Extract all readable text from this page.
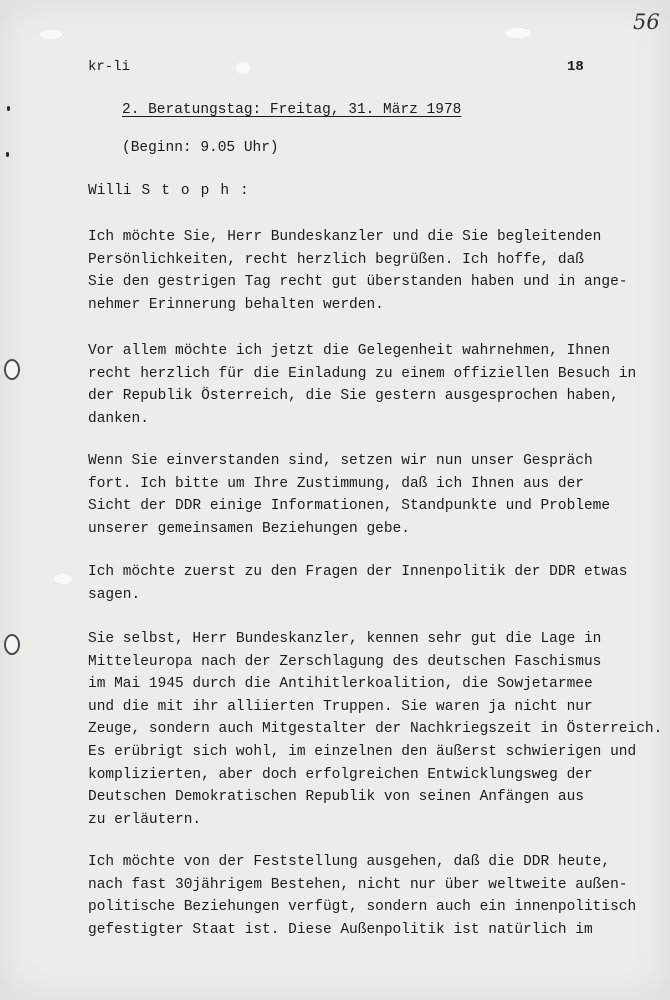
56
kr-li	18
2. Beratungstag: Freitag, 31. März 1978
(Beginn: 9.05 Uhr)
Willi Stoph:
Ich möchte Sie, Herr Bundeskanzler und die Sie begleitenden
Persönlichkeiten, recht herzlich begrüßen. Ich hoffe, daß
Sie den gestrigen Tag recht gut überstanden haben und in ange-
nehmer Erinnerung behalten werden.
Vor allem möchte ich jetzt die Gelegenheit wahrnehmen, Ihnen
recht herzlich für die Einladung zu einem offiziellen Besuch in
der Republik Österreich, die Sie gestern ausgesprochen haben,
danken.
Wenn Sie einverstanden sind, setzen wir nun unser Gespräch
fort. Ich bitte um Ihre Zustimmung, daß ich Ihnen aus der
Sicht der DDR einige Informationen, Standpunkte und Probleme
unserer gemeinsamen Beziehungen gebe.
Ich möchte zuerst zu den Fragen der Innenpolitik der DDR etwas
sagen.
Sie selbst, Herr Bundeskanzler, kennen sehr gut die Lage in
Mitteleuropa nach der Zerschlagung des deutschen Faschismus
im Mai 1945 durch die Antihitlerkoalition, die Sowjetarmee
und die mit ihr alliierten Truppen. Sie waren ja nicht nur
Zeuge, sondern auch Mitgestalter der Nachkriegszeit in Österreich.
Es erübrigt sich wohl, im einzelnen den äußerst schwierigen und
komplizierten, aber doch erfolgreichen Entwicklungsweg der
Deutschen Demokratischen Republik von seinen Anfängen aus
zu erläutern.
Ich möchte von der Feststellung ausgehen, daß die DDR heute,
nach fast 30jährigem Bestehen, nicht nur über weltweite außen-
politische Beziehungen verfügt, sondern auch ein innenpolitisch
gefestigter Staat ist. Diese Außenpolitik ist natürlich im
